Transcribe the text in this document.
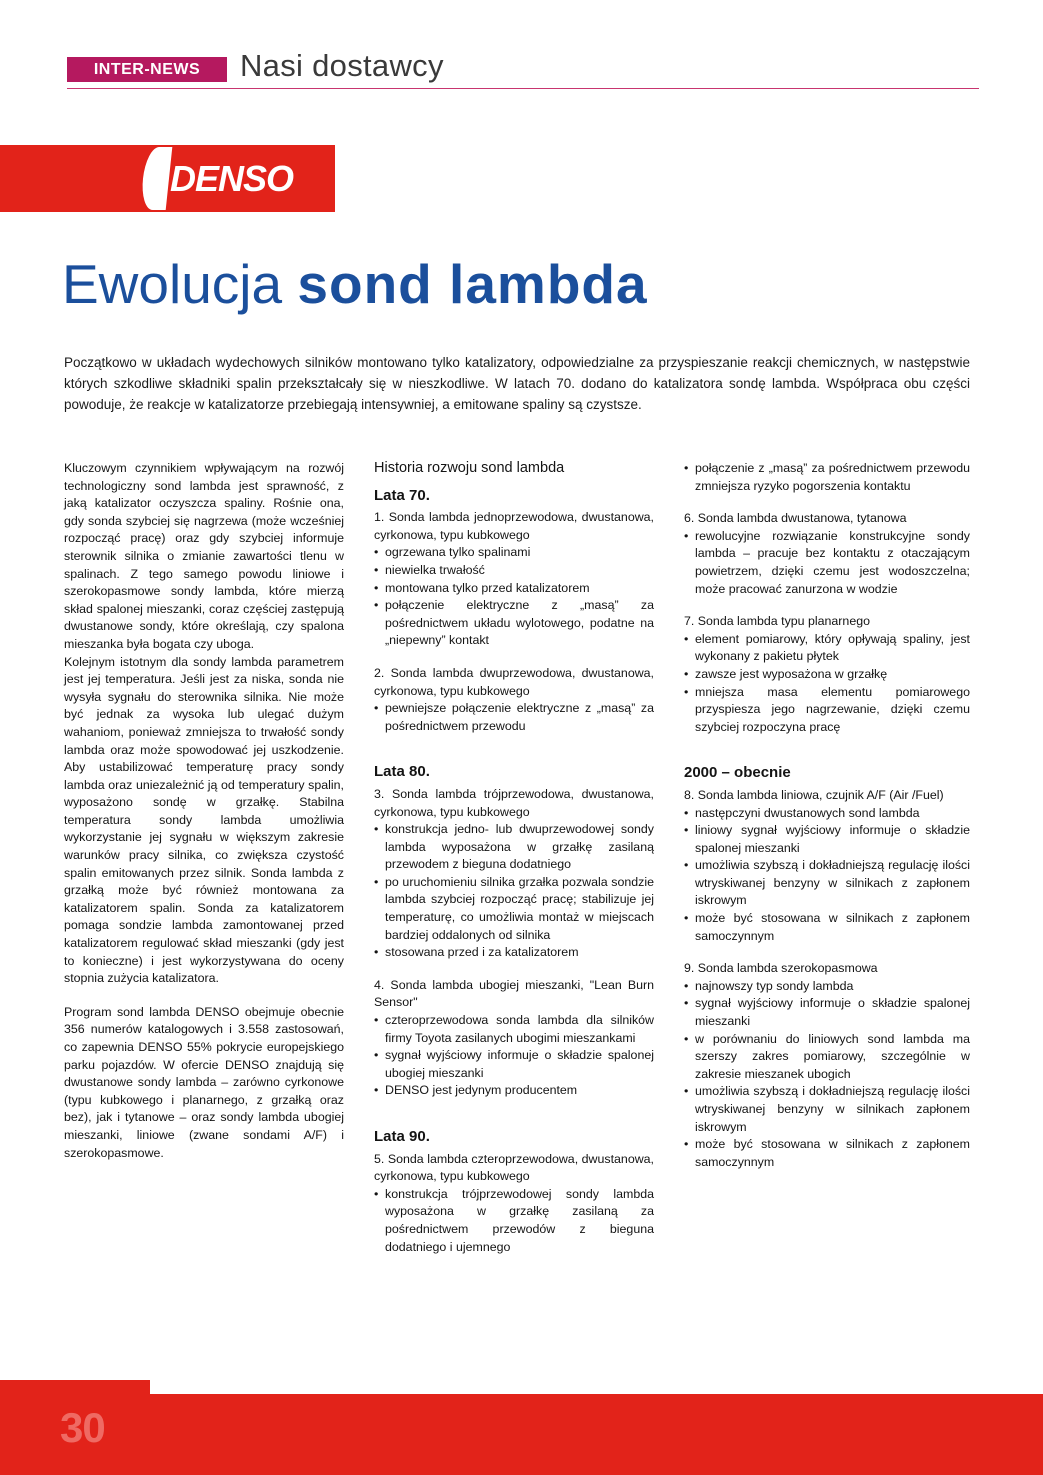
INTER-NEWS	Nasi dostawcy
DENSO
Ewolucja sond lambda
Początkowo w układach wydechowych silników montowano tylko katalizatory, odpowiedzialne za przyspieszanie reakcji chemicznych, w następstwie których szkodliwe składniki spalin przekształcały się w nieszkodliwe. W latach 70. dodano do katalizatora sondę lambda. Współpraca obu części powoduje, że reakcje w katalizatorze przebiegają intensywniej, a emitowane spaliny są czystsze.

Kluczowym czynnikiem wpływającym na rozwój technologiczny sond lambda jest sprawność, z jaką katalizator oczyszcza spaliny. Rośnie ona, gdy sonda szybciej się nagrzewa (może wcześniej rozpocząć pracę) oraz gdy szybciej informuje sterownik silnika o zmianie zawartości tlenu w spalinach. Z tego samego powodu liniowe i szerokopasmowe sondy lambda, które mierzą skład spalonej mieszanki, coraz częściej zastępują dwustanowe sondy, które określają, czy spalona mieszanka była bogata czy uboga.

Kolejnym istotnym dla sondy lambda parametrem jest jej temperatura. Jeśli jest za niska, sonda nie wysyła sygnału do sterownika silnika. Nie może być jednak za wysoka lub ulegać dużym wahaniom, ponieważ zmniejsza to trwałość sondy lambda oraz może spowodować jej uszkodzenie. Aby ustabilizować temperaturę pracy sondy lambda oraz uniezależnić ją od temperatury spalin, wyposażono sondę w grzałkę. Stabilna temperatura sondy lambda umożliwia wykorzystanie jej sygnału w większym zakresie warunków pracy silnika, co zwiększa czystość spalin emitowanych przez silnik. Sonda lambda z grzałką może być również montowana za katalizatorem spalin. Sonda za katalizatorem pomaga sondzie lambda zamontowanej przed katalizatorem regulować skład mieszanki (gdy jest to konieczne) i jest wykorzystywana do oceny stopnia zużycia katalizatora.

Program sond lambda DENSO obejmuje obecnie 356 numerów katalogowych i 3.558 zastosowań, co zapewnia DENSO 55% pokrycie europejskiego parku pojazdów. W ofercie DENSO znajdują się dwustanowe sondy lambda – zarówno cyrkonowe (typu kubkowego i planarnego, z grzałką oraz bez), jak i tytanowe – oraz sondy lambda ubogiej mieszanki, liniowe (zwane sondami A/F) i szerokopasmowe.

Historia rozwoju sond lambda
Lata 70.

1. Sonda lambda jednoprzewodowa, dwustanowa, cyrkonowa, typu kubkowego

• ogrzewana tylko spalinami
• niewielka trwałość
• montowana tylko przed katalizatorem
• połączenie elektryczne z „masą” za pośrednictwem układu wylotowego, podatne na „niepewny” kontakt

2. Sonda lambda dwuprzewodowa, dwustanowa, cyrkonowa, typu kubkowego

• pewniejsze połączenie elektryczne z „masą” za pośrednictwem przewodu
Lata 80.

3. Sonda lambda trójprzewodowa, dwustanowa, cyrkonowa, typu kubkowego

• konstrukcja jedno- lub dwuprzewodowej sondy lambda wyposażona w grzałkę zasilaną przewodem z bieguna dodatniego
• po uruchomieniu silnika grzałka pozwala sondzie lambda szybciej rozpocząć pracę; stabilizuje jej temperaturę, co umożliwia montaż w miejscach bardziej oddalonych od silnika
• stosowana przed i za katalizatorem

4. Sonda lambda ubogiej mieszanki, "Lean Burn Sensor"

• czteroprzewodowa sonda lambda dla silników firmy Toyota zasilanych ubogimi mieszankami
• sygnał wyjściowy informuje o składzie spalonej ubogiej mieszanki
• DENSO jest jedynym producentem
Lata 90.

5. Sonda lambda czteroprzewodowa, dwustanowa, cyrkonowa, typu kubkowego

• konstrukcja trójprzewodowej sondy lambda wyposażona w grzałkę zasilaną za pośrednictwem przewodów z bieguna dodatniego i ujemnego
• połączenie z „masą” za pośrednictwem przewodu zmniejsza ryzyko pogorszenia kontaktu

6. Sonda lambda dwustanowa, tytanowa

• rewolucyjne rozwiązanie konstrukcyjne sondy lambda – pracuje bez kontaktu z otaczającym powietrzem, dzięki czemu jest wodoszczelna; może pracować zanurzona w wodzie

7. Sonda lambda typu planarnego

• element pomiarowy, który opływają spaliny, jest wykonany z pakietu płytek
• zawsze jest wyposażona w grzałkę
• mniejsza masa elementu pomiarowego przyspiesza jego nagrzewanie, dzięki czemu szybciej rozpoczyna pracę
2000 – obecnie

8. Sonda lambda liniowa, czujnik A/F (Air /Fuel)

• następczyni dwustanowych sond lambda
• liniowy sygnał wyjściowy informuje o składzie spalonej mieszanki
• umożliwia szybszą i dokładniejszą regulację ilości wtryskiwanej benzyny w silnikach z zapłonem iskrowym
• może być stosowana w silnikach z zapłonem samoczynnym

9. Sonda lambda szerokopasmowa

• najnowszy typ sondy lambda
• sygnał wyjściowy informuje o składzie spalonej mieszanki
• w porównaniu do liniowych sond lambda ma szerszy zakres pomiarowy, szczególnie w zakresie mieszanek ubogich
• umożliwia szybszą i dokładniejszą regulację ilości wtryskiwanej benzyny w silnikach zapłonem iskrowym
• może być stosowana w silnikach z zapłonem samoczynnym
30
